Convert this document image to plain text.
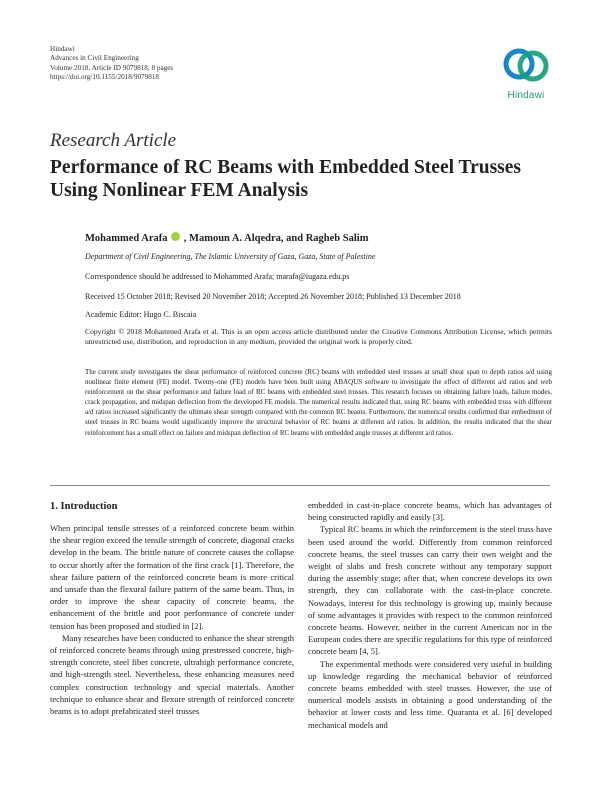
Hindawi
Advances in Civil Engineering
Volume 2018, Article ID 9079818, 8 pages
https://doi.org/10.1155/2018/9079818
Hindawi
Research Article
Performance of RC Beams with Embedded Steel Trusses Using Nonlinear FEM Analysis
Mohammed Arafa , Mamoun A. Alqedra, and Ragheb Salim
Department of Civil Engineering, The Islamic University of Gaza, Gaza, State of Palestine
Correspondence should be addressed to Mohammed Arafa; marafa@iugaza.edu.ps
Received 15 October 2018; Revised 20 November 2018; Accepted 26 November 2018; Published 13 December 2018
Academic Editor: Hugo C. Biscaia
Copyright © 2018 Mohammed Arafa et al. This is an open access article distributed under the Creative Commons Attribution License, which permits unrestricted use, distribution, and reproduction in any medium, provided the original work is properly cited.
The current study investigates the shear performance of reinforced concrete (RC) beams with embedded steel trusses at small shear span to depth ratios a/d using nonlinear finite element (FE) model. Twenty-one (FE) models have been built using ABAQUS software to investigate the effect of different a/d ratios and web reinforcement on the shear performance and failure load of RC beams with embedded steel trusses. This research focuses on obtaining failure loads, failure modes, crack propagation, and midspan deflection from the developed FE models. The numerical results indicated that, using RC beams with embedded truss with different a/d ratios increased significantly the ultimate shear strength compared with the common RC beams. Furthermore, the numerical results confirmed that embedment of steel trusses in RC beams would significantly improve the structural behavior of RC beams at different a/d ratios. In addition, the results indicated that the shear reinforcement has a small effect on failure and midspan deflection of RC beams with embedded angle trusses at different a/d ratios.
1. Introduction

When principal tensile stresses of a reinforced concrete beam within the shear region exceed the tensile strength of concrete, diagonal cracks develop in the beam. The brittle nature of concrete causes the collapse to occur shortly after the formation of the first crack [1]. Therefore, the shear failure pattern of the reinforced concrete beam is more critical and unsafe than the flexural failure pattern of the same beam. Thus, in order to improve the shear capacity of concrete beams, the enhancement of the brittle and poor performance of concrete under tension has been proposed and studied in [2].

Many researches have been conducted to enhance the shear strength of reinforced concrete beams through using prestressed concrete, high-strength concrete, steel fiber concrete, ultrahigh performance concrete, and high-strength steel. Nevertheless, these enhancing measures need complex construction technology and special materials. Another technique to enhance shear and flexure strength of reinforced concrete beams is to adopt prefabricated steel trusses

embedded in cast-in-place concrete beams, which has advantages of being constructed rapidly and easily [3].

Typical RC beams in which the reinforcement is the steel truss have been used around the world. Differently from common reinforced concrete beams, the steel trusses can carry their own weight and the weight of slabs and fresh concrete without any temporary support during the assembly stage; after that, when concrete develops its own strength, they can collaborate with the cast-in-place concrete. Nowadays, interest for this technology is growing up, mainly because of some advantages it provides with respect to the common reinforced concrete beams. However, neither in the current American nor in the European codes there are specific regulations for this type of reinforced concrete beam [4, 5].

The experimental methods were considered very useful in building up knowledge regarding the mechanical behavior of reinforced concrete beams embedded with steel trusses. However, the use of numerical models assists in obtaining a good understanding of the behavior at lower costs and less time. Quaranta et al. [6] developed mechanical models and
